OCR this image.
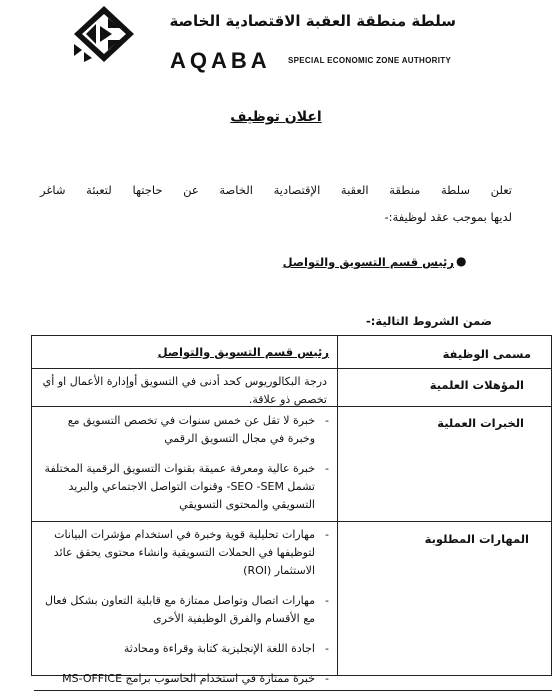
سلطة منطقة العقبة الاقتصادية الخاصة
AQABA SPECIAL ECONOMIC ZONE AUTHORITY
اعلان توظيف
تعلن سلطة منطقة العقبة الإقتصادية الخاصة عن حاجتها لتعبئة شاغر
لديها بموجب عقد لوظيفة:-
●
رئيس قسم التسويق والتواصل
ضمن الشروط التالية:-
مسمى الوظيفة
رئيس قسم التسويق والتواصل
المؤهلات العلمية
درجة البكالوريوس كحد أدنى في التسويق أوإدارة الأعمال او أي تخصص ذو علاقة.
الخبرات العملية
- خبرة لا تقل عن خمس سنوات في تخصص التسويق مع وخبرة في مجال التسويق الرقمي
- خبرة عالية ومعرفة عميقة بقنوات التسويق الرقمية المختلفة تشمل SEO -SEM- وقنوات التواصل الاجتماعي والبريد التسويقي والمحتوى التسويقي
المهارات المطلوبة
- مهارات تحليلية قوية وخبرة في استخدام مؤشرات البيانات لتوظيفها في الحملات التسويقية وانشاء محتوى يحقق عائد الاستثمار (ROI)
- مهارات اتصال وتواصل ممتازة مع قابلية التعاون بشكل فعال مع الأقسام والفرق الوظيفية الأخرى
- اجادة اللغة الإنجليزية كتابة وقراءة ومحادثة
- خبرة ممتازة في استخدام الحاسوب برامج MS-OFFICE
